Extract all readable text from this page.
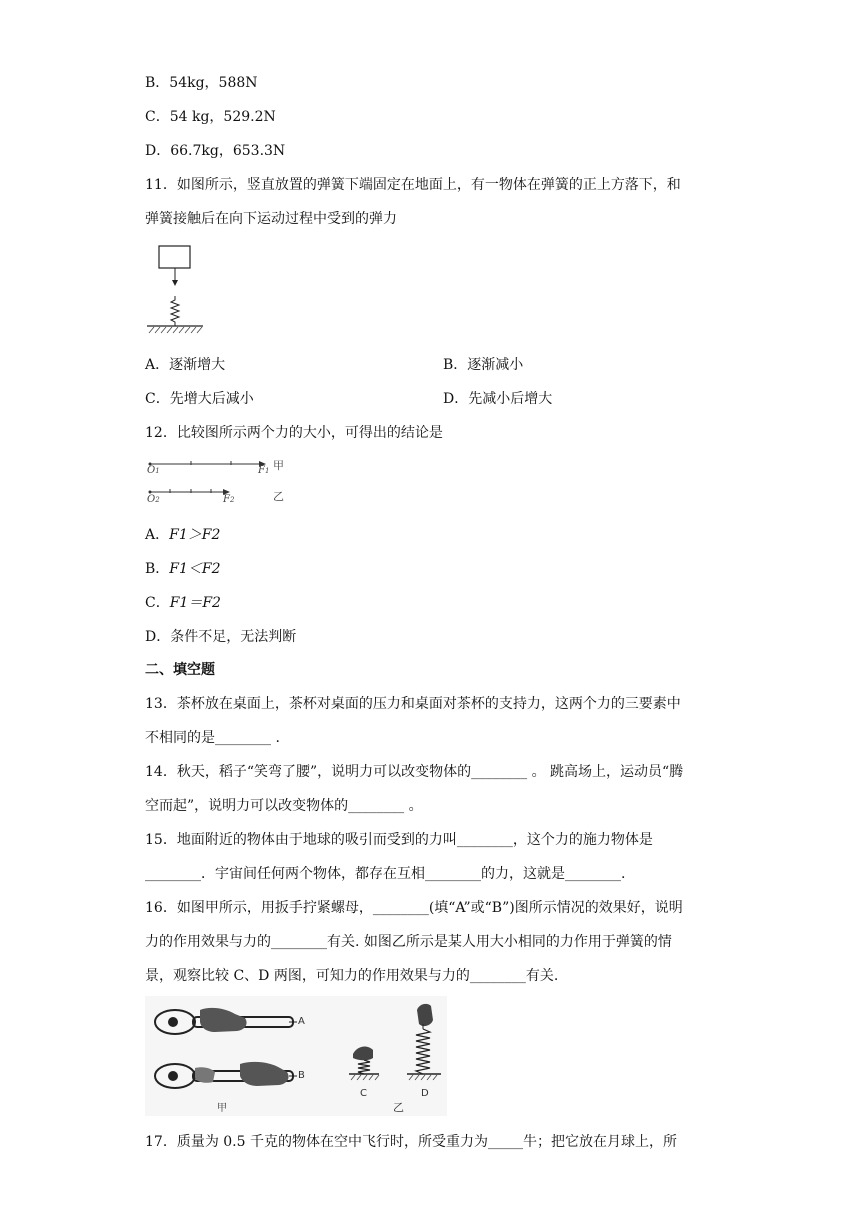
B．54kg，588N
C．54 kg，529.2N
D．66.7kg，653.3N
11．如图所示，竖直放置的弹簧下端固定在地面上，有一物体在弹簧的正上方落下，和
弹簧接触后在向下运动过程中受到的弹力
A．逐渐增大	B．逐渐减小
C．先增大后减小	D．先减小后增大
12．比较图所示两个力的大小，可得出的结论是
O1	F1 甲
O2	F2	乙
A．F1＞F2
B．F1＜F2
C．F1＝F2
D．条件不足，无法判断
二、填空题
13．茶杯放在桌面上，茶杯对桌面的压力和桌面对茶杯的支持力，这两个力的三要素中
不相同的是________ .
14．秋天，稻子“笑弯了腰”，说明力可以改变物体的________ 。 跳高场上，运动员“腾
空而起”，说明力可以改变物体的________ 。
15．地面附近的物体由于地球的吸引而受到的力叫________，这个力的施力物体是
________．宇宙间任何两个物体，都存在互相________的力，这就是________.
16．如图甲所示，用扳手拧紧螺母，________(填“A”或“B”)图所示情况的效果好，说明
力的作用效果与力的________有关. 如图乙所示是某人用大小相同的力作用于弹簧的情
景，观察比较 C、D 两图，可知力的作用效果与力的________有关.
A
B
C	D
甲	乙
17．质量为 0.5 千克的物体在空中飞行时，所受重力为_____牛；把它放在月球上，所
